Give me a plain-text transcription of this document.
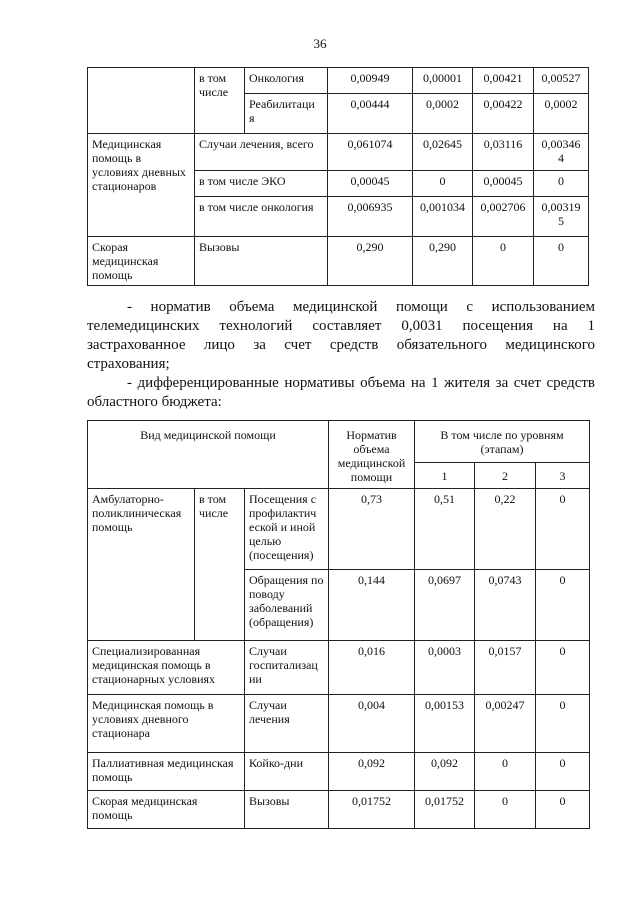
36
	в том числе	Онкология	0,00949	0,00001	0,00421	0,00527
		Реабилитаци я	0,00444	0,0002	0,00422	0,0002
Медицинская помощь в условиях дневных стационаров	Случаи лечения, всего		0,061074	0,02645	0,03116	0,00346 4
	в том числе ЭКО		0,00045	0	0,00045	0
	в том числе онкология		0,006935	0,001034	0,002706	0,00319 5
Скорая медицинская помощь	Вызовы		0,290	0,290	0	0

- норматив объема медицинской помощи с использованием
телемедицинских технологий составляет 0,0031 посещения на 1
застрахованное лицо за счет средств обязательного медицинского
страхования;

- дифференцированные нормативы объема на 1 жителя за счет средств
областного бюджета:

Вид медицинской помощи			Норматив объема медицинской помощи	В том числе по уровням (этапам)		
				1	2	3
Амбулаторно-поликлиническая помощь	в том числе	Посещения с профилактич еской и иной целью (посещения)	0,73	0,51	0,22	0
		Обращения по поводу заболеваний (обращения)	0,144	0,0697	0,0743	0
Специализированная медицинская помощь в стационарных условиях		Случаи госпитализац ии	0,016	0,0003	0,0157	0
Медицинская помощь в условиях дневного стационара		Случаи лечения	0,004	0,00153	0,00247	0
Паллиативная медицинская помощь		Койко-дни	0,092	0,092	0	0
Скорая медицинская помощь		Вызовы	0,01752	0,01752	0	0
